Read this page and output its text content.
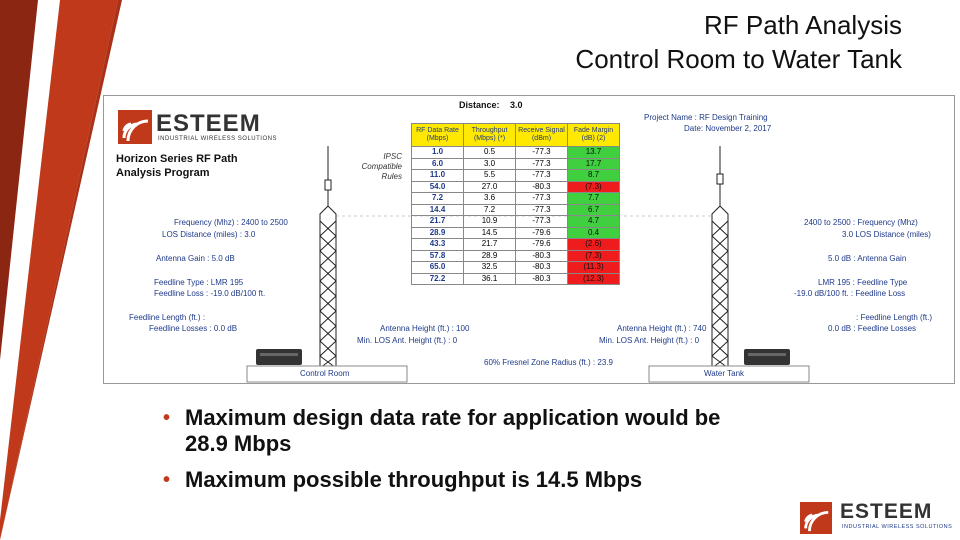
RF Path Analysis
Control Room to Water Tank
ESTEEM
INDUSTRIAL WIRELESS SOLUTIONS
Horizon Series RF Path
Analysis Program
Distance: 3.0
Project Name : RF Design Training
Date: November 2, 2017
IPSC
Compatible
Rules
RF Data Rate (Mbps)	Throughput (Mbps) (*)	Receive Signal (dBm)	Fade Margin (dB) (2)
1.0	0.5	-77.3	13.7
6.0	3.0	-77.3	17.7
11.0	5.5	-77.3	8.7
54.0	27.0	-80.3	(7.3)
7.2	3.6	-77.3	7.7
14.4	7.2	-77.3	6.7
21.7	10.9	-77.3	4.7
28.9	14.5	-79.6	0.4
43.3	21.7	-79.6	(2.6)
57.8	28.9	-80.3	(7.3)
65.0	32.5	-80.3	(11.3)
72.2	36.1	-80.3	(12.3)
Frequency (Mhz) : 2400 to 2500
LOS Distance (miles) : 3.0
Antenna Gain : 5.0 dB
Feedline Type : LMR 195
Feedline Loss : -19.0 dB/100 ft.
Feedline Length (ft.) :
Feedline Losses : 0.0 dB	Antenna Height (ft.) : 100
Min. LOS Ant. Height (ft.) : 0
Control Room
2400 to 2500 : Frequency (Mhz)
3.0 LOS Distance (miles)
5.0 dB : Antenna Gain
LMR 195 : Feedline Type
-19.0 dB/100 ft. : Feedline Loss
: Feedline Length (ft.)
0.0 dB : Feedline Losses
Antenna Height (ft.) : 740
Min. LOS Ant. Height (ft.) : 0
Water Tank
60% Fresnel Zone Radius (ft.) : 23.9
• Maximum design data rate for application would be
28.9 Mbps
• Maximum possible throughput is 14.5 Mbps
ESTEEM
INDUSTRIAL WIRELESS SOLUTIONS
